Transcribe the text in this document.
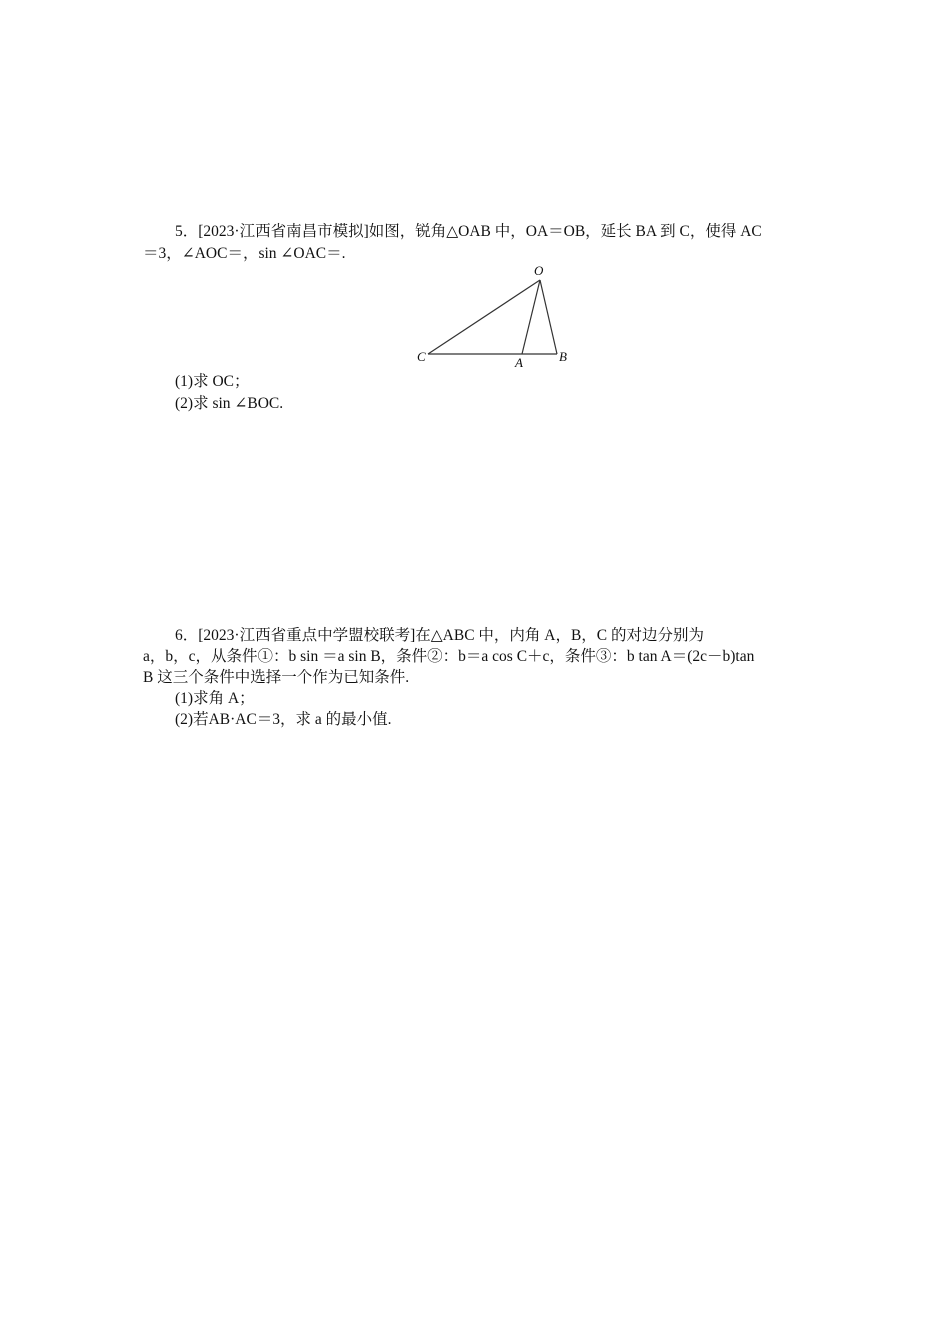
5．[2023·江西省南昌市模拟]如图，锐角△OAB 中，OA＝OB，延长 BA 到 C，使得 AC
＝3，∠AOC＝，sin ∠OAC＝.
O
A	B
C
(1)求 OC；
(2)求 sin ∠BOC.
6．[2023·江西省重点中学盟校联考]在△ABC 中，内角 A，B，C 的对边分别为
a，b，c，从条件①：b sin ＝a sin B，条件②：b＝a cos C＋c，条件③：b tan A＝(2c－b)tan
B 这三个条件中选择一个作为已知条件.
(1)求角 A；
(2)若AB·AC＝3，求 a 的最小值.
